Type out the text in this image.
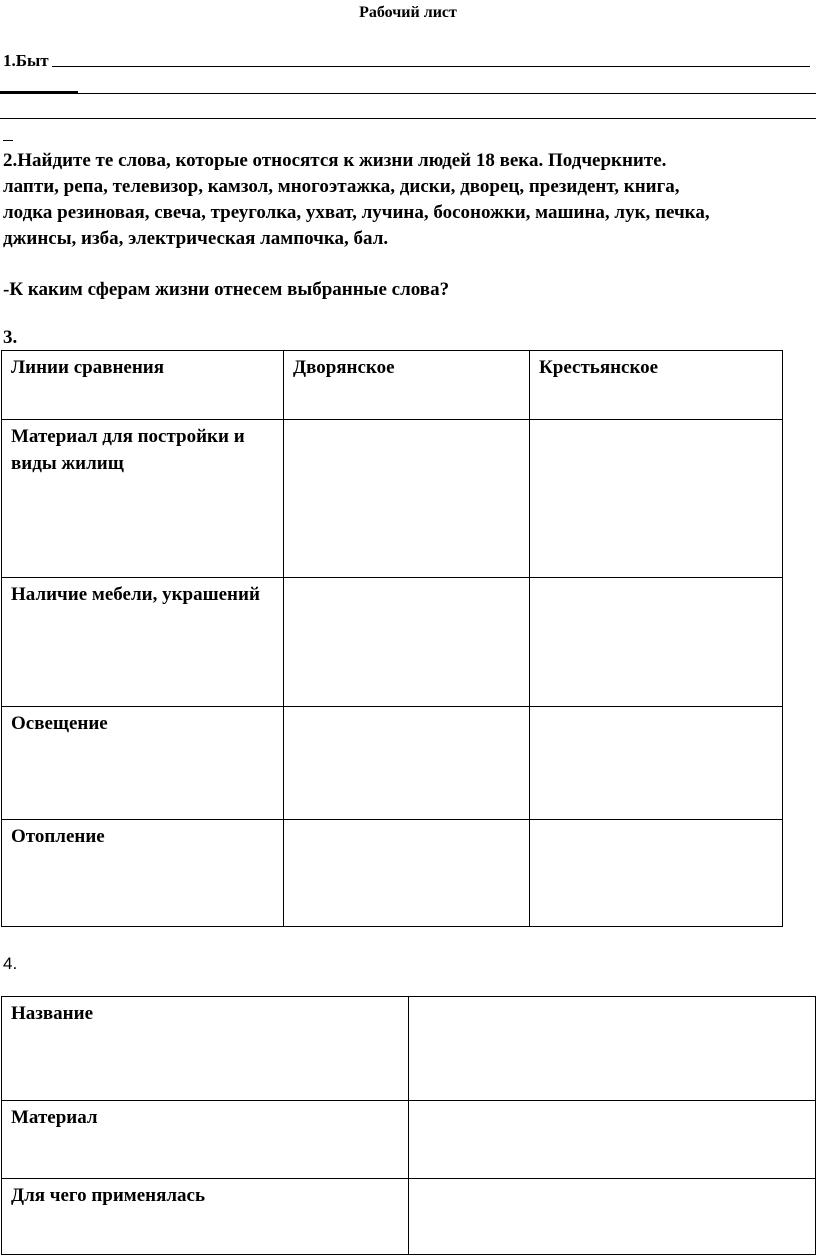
Рабочий лист
1.Быт
2.Найдите те слова, которые относятся к жизни людей 18 века. Подчеркните.
лапти, репа, телевизор, камзол, многоэтажка, диски, дворец, президент, книга,
лодка резиновая, свеча, треуголка, ухват, лучина, босоножки, машина, лук, печка,
джинсы, изба, электрическая лампочка, бал.
-К каким сферам жизни отнесем выбранные слова?
3.
Линии сравнения	Дворянское	Крестьянское
Материал для постройки и виды жилищ		
Наличие мебели, украшений		
Освещение		
Отопление		
4.
Название	
Материал	
Для чего применялась	
